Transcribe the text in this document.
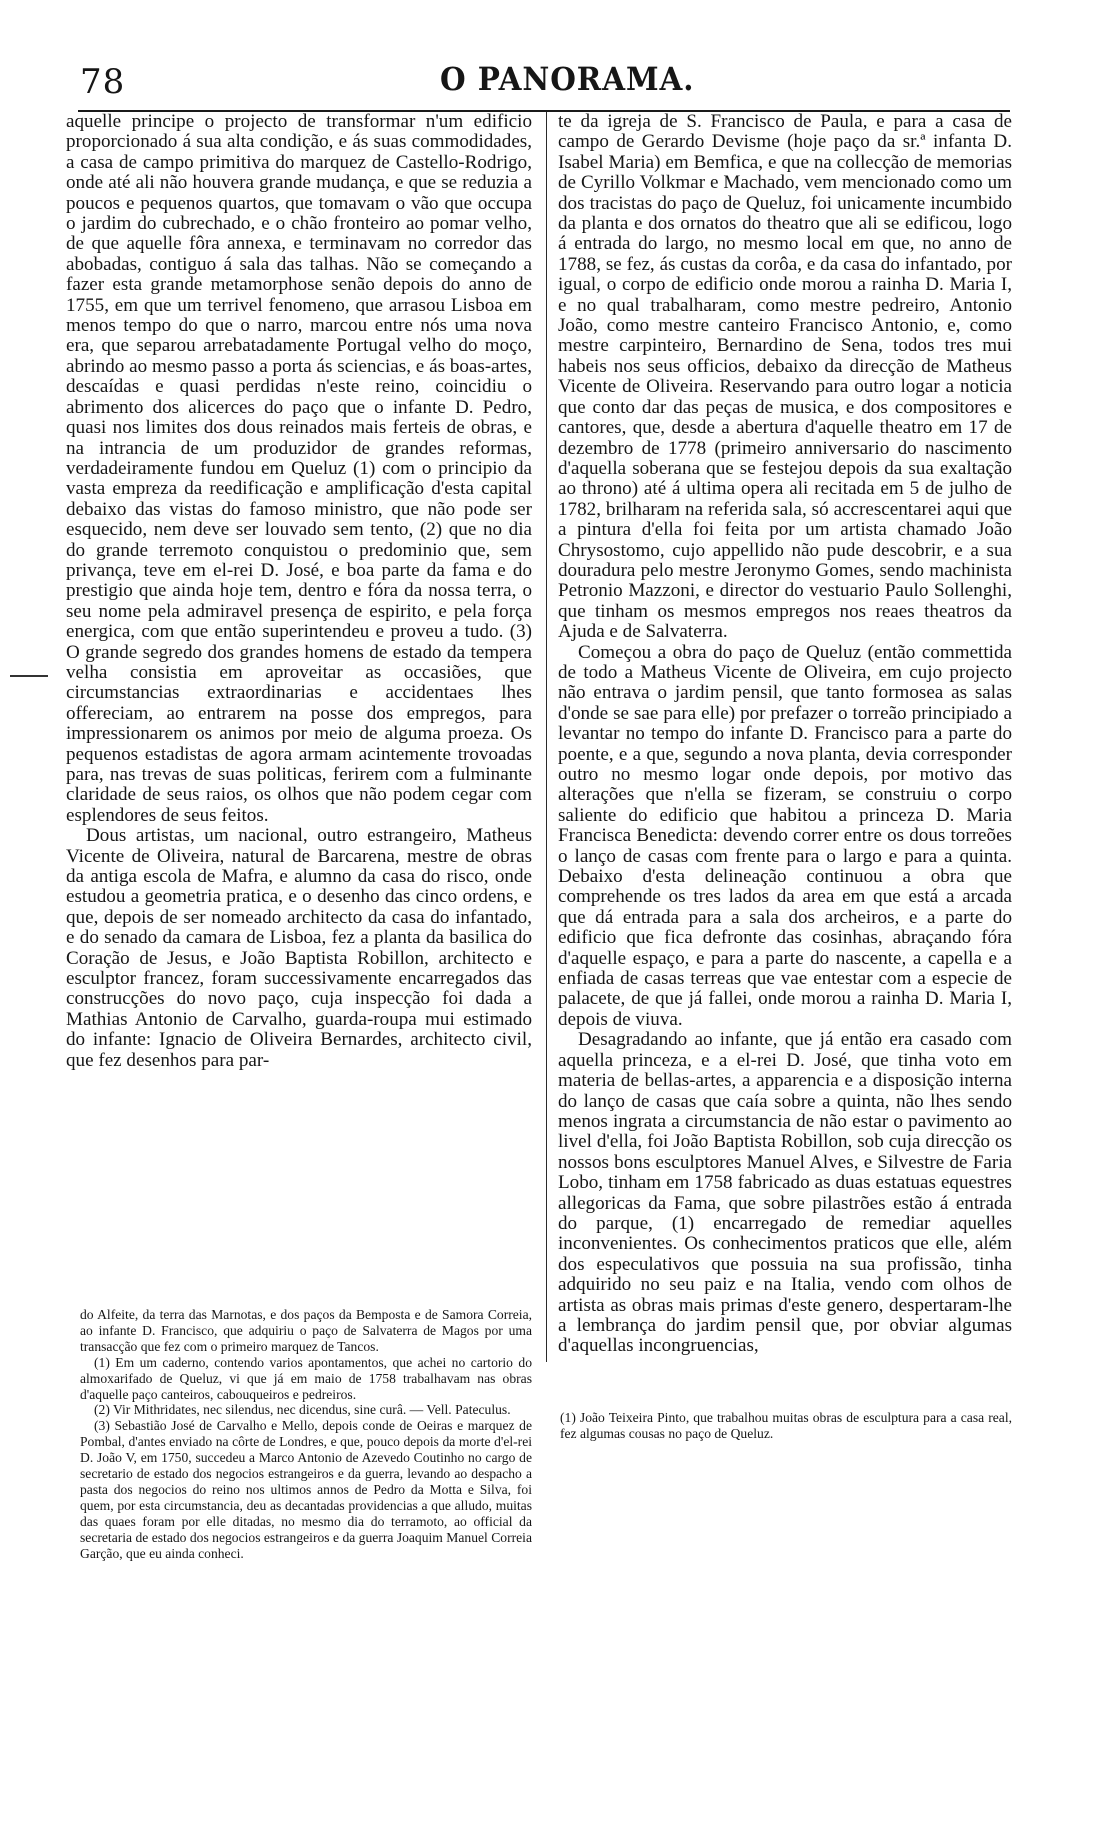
78	O PANORAMA.

aquelle principe o projecto de transformar n'um edificio proporcionado á sua alta condição, e ás suas commodidades, a casa de campo primitiva do marquez de Castello-Rodrigo, onde até ali não houvera grande mudança, e que se reduzia a poucos e pequenos quartos, que tomavam o vão que occupa o jardim do cubrechado, e o chão fronteiro ao pomar velho, de que aquelle fôra annexa, e terminavam no corredor das abobadas, contiguo á sala das talhas. Não se começando a fazer esta grande metamorphose senão depois do anno de 1755, em que um terrivel fenomeno, que arrasou Lisboa em menos tempo do que o narro, marcou entre nós uma nova era, que separou arrebatadamente Portugal velho do moço, abrindo ao mesmo passo a porta ás sciencias, e ás boas-artes, descaídas e quasi perdidas n'este reino, coincidiu o abrimento dos alicerces do paço que o infante D. Pedro, quasi nos limites dos dous reinados mais ferteis de obras, e na intrancia de um produzidor de grandes reformas, verdadeiramente fundou em Queluz (1) com o principio da vasta empreza da reedificação e amplificação d'esta capital debaixo das vistas do famoso ministro, que não pode ser esquecido, nem deve ser louvado sem tento, (2) que no dia do grande terremoto conquistou o predominio que, sem privança, teve em el-rei D. José, e boa parte da fama e do prestigio que ainda hoje tem, dentro e fóra da nossa terra, o seu nome pela admiravel presença de espirito, e pela força energica, com que então superintendeu e proveu a tudo. (3) O grande segredo dos grandes homens de estado da tempera velha consistia em aproveitar as occasiões, que circumstancias extraordinarias e accidentaes lhes offereciam, ao entrarem na posse dos empregos, para impressionarem os animos por meio de alguma proeza. Os pequenos estadistas de agora armam acintemente trovoadas para, nas trevas de suas politicas, ferirem com a fulminante claridade de seus raios, os olhos que não podem cegar com esplendores de seus feitos.

Dous artistas, um nacional, outro estrangeiro, Matheus Vicente de Oliveira, natural de Barcarena, mestre de obras da antiga escola de Mafra, e alumno da casa do risco, onde estudou a geometria pratica, e o desenho das cinco ordens, e que, depois de ser nomeado architecto da casa do infantado, e do senado da camara de Lisboa, fez a planta da basilica do Coração de Jesus, e João Baptista Robillon, architecto e esculptor francez, foram successivamente encarregados das construcções do novo paço, cuja inspecção foi dada a Mathias Antonio de Carvalho, guarda-roupa mui estimado do infante: Ignacio de Oliveira Bernardes, architecto civil, que fez desenhos para par-

te da igreja de S. Francisco de Paula, e para a casa de campo de Gerardo Devisme (hoje paço da sr.ª infanta D. Isabel Maria) em Bemfica, e que na collecção de memorias de Cyrillo Volkmar e Machado, vem mencionado como um dos tracistas do paço de Queluz, foi unicamente incumbido da planta e dos ornatos do theatro que ali se edificou, logo á entrada do largo, no mesmo local em que, no anno de 1788, se fez, ás custas da corôa, e da casa do infantado, por igual, o corpo de edificio onde morou a rainha D. Maria I, e no qual trabalharam, como mestre pedreiro, Antonio João, como mestre canteiro Francisco Antonio, e, como mestre carpinteiro, Bernardino de Sena, todos tres mui habeis nos seus officios, debaixo da direcção de Matheus Vicente de Oliveira. Reservando para outro logar a noticia que conto dar das peças de musica, e dos compositores e cantores, que, desde a abertura d'aquelle theatro em 17 de dezembro de 1778 (primeiro anniversario do nascimento d'aquella soberana que se festejou depois da sua exaltação ao throno) até á ultima opera ali recitada em 5 de julho de 1782, brilharam na referida sala, só accrescentarei aqui que a pintura d'ella foi feita por um artista chamado João Chrysostomo, cujo appellido não pude descobrir, e a sua douradura pelo mestre Jeronymo Gomes, sendo machinista Petronio Mazzoni, e director do vestuario Paulo Sollenghi, que tinham os mesmos empregos nos reaes theatros da Ajuda e de Salvaterra.

Começou a obra do paço de Queluz (então commettida de todo a Matheus Vicente de Oliveira, em cujo projecto não entrava o jardim pensil, que tanto formosea as salas d'onde se sae para elle) por prefazer o torreão principiado a levantar no tempo do infante D. Francisco para a parte do poente, e a que, segundo a nova planta, devia corresponder outro no mesmo logar onde depois, por motivo das alterações que n'ella se fizeram, se construiu o corpo saliente do edificio que habitou a princeza D. Maria Francisca Benedicta: devendo correr entre os dous torreões o lanço de casas com frente para o largo e para a quinta. Debaixo d'esta delineação continuou a obra que comprehende os tres lados da area em que está a arcada que dá entrada para a sala dos archeiros, e a parte do edificio que fica defronte das cosinhas, abraçando fóra d'aquelle espaço, e para a parte do nascente, a capella e a enfiada de casas terreas que vae entestar com a especie de palacete, de que já fallei, onde morou a rainha D. Maria I, depois de viuva.

Desagradando ao infante, que já então era casado com aquella princeza, e a el-rei D. José, que tinha voto em materia de bellas-artes, a apparencia e a disposição interna do lanço de casas que caía sobre a quinta, não lhes sendo menos ingrata a circumstancia de não estar o pavimento ao livel d'ella, foi João Baptista Robillon, sob cuja direcção os nossos bons esculptores Manuel Alves, e Silvestre de Faria Lobo, tinham em 1758 fabricado as duas estatuas equestres allegoricas da Fama, que sobre pilastrões estão á entrada do parque, (1) encarregado de remediar aquelles inconvenientes. Os conhecimentos praticos que elle, além dos especulativos que possuia na sua profissão, tinha adquirido no seu paiz e na Italia, vendo com olhos de artista as obras mais primas d'este genero, despertaram-lhe a lembrança do jardim pensil que, por obviar algumas d'aquellas incongruencias,

do Alfeite, da terra das Marnotas, e dos paços da Bemposta e de Samora Correia, ao infante D. Francisco, que adquiriu o paço de Salvaterra de Magos por uma transacção que fez com o primeiro marquez de Tancos.

(1) Em um caderno, contendo varios apontamentos, que achei no cartorio do almoxarifado de Queluz, vi que já em maio de 1758 trabalhavam nas obras d'aquelle paço canteiros, cabouqueiros e pedreiros.

(2) Vir Mithridates, nec silendus, nec dicendus, sine curâ. — Vell. Pateculus.

(3) Sebastião José de Carvalho e Mello, depois conde de Oeiras e marquez de Pombal, d'antes enviado na côrte de Londres, e que, pouco depois da morte d'el-rei D. João V, em 1750, succedeu a Marco Antonio de Azevedo Coutinho no cargo de secretario de estado dos negocios estrangeiros e da guerra, levando ao despacho a pasta dos negocios do reino nos ultimos annos de Pedro da Motta e Silva, foi quem, por esta circumstancia, deu as decantadas providencias a que alludo, muitas das quaes foram por elle ditadas, no mesmo dia do terramoto, ao official da secretaria de estado dos negocios estrangeiros e da guerra Joaquim Manuel Correia Garção, que eu ainda conheci.

(1) João Teixeira Pinto, que trabalhou muitas obras de esculptura para a casa real, fez algumas cousas no paço de Queluz.
